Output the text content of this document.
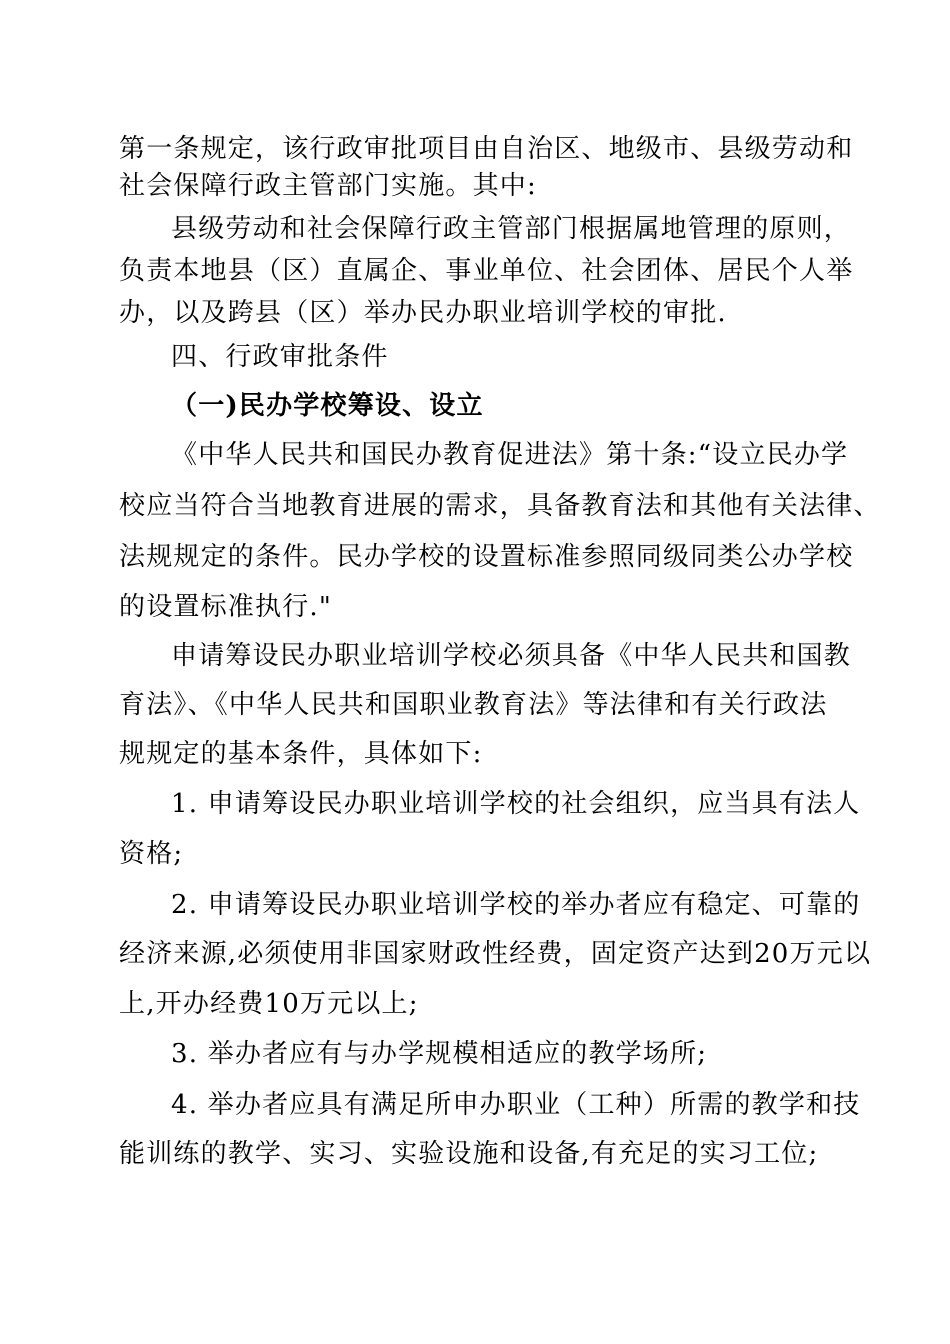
第一条规定，该行政审批项目由自治区、地级市、县级劳动和
社会保障行政主管部门实施。其中:
县级劳动和社会保障行政主管部门根据属地管理的原则，
负责本地县（区）直属企、事业单位、社会团体、居民个人举
办，以及跨县（区）举办民办职业培训学校的审批.
四、行政审批条件
（一)民办学校筹设、设立
《中华人民共和国民办教育促进法》第十条:“设立民办学
校应当符合当地教育进展的需求，具备教育法和其他有关法律、
法规规定的条件。民办学校的设置标准参照同级同类公办学校
的设置标准执行."
申请筹设民办职业培训学校必须具备《中华人民共和国教
育法》、《中华人民共和国职业教育法》等法律和有关行政法
规规定的基本条件，具体如下:
1. 申请筹设民办职业培训学校的社会组织，应当具有法人
资格;
2. 申请筹设民办职业培训学校的举办者应有稳定、可靠的
经济来源,必须使用非国家财政性经费，固定资产达到20万元以
上,开办经费10万元以上;
3. 举办者应有与办学规模相适应的教学场所;
4. 举办者应具有满足所申办职业（工种）所需的教学和技
能训练的教学、实习、实验设施和设备,有充足的实习工位;
